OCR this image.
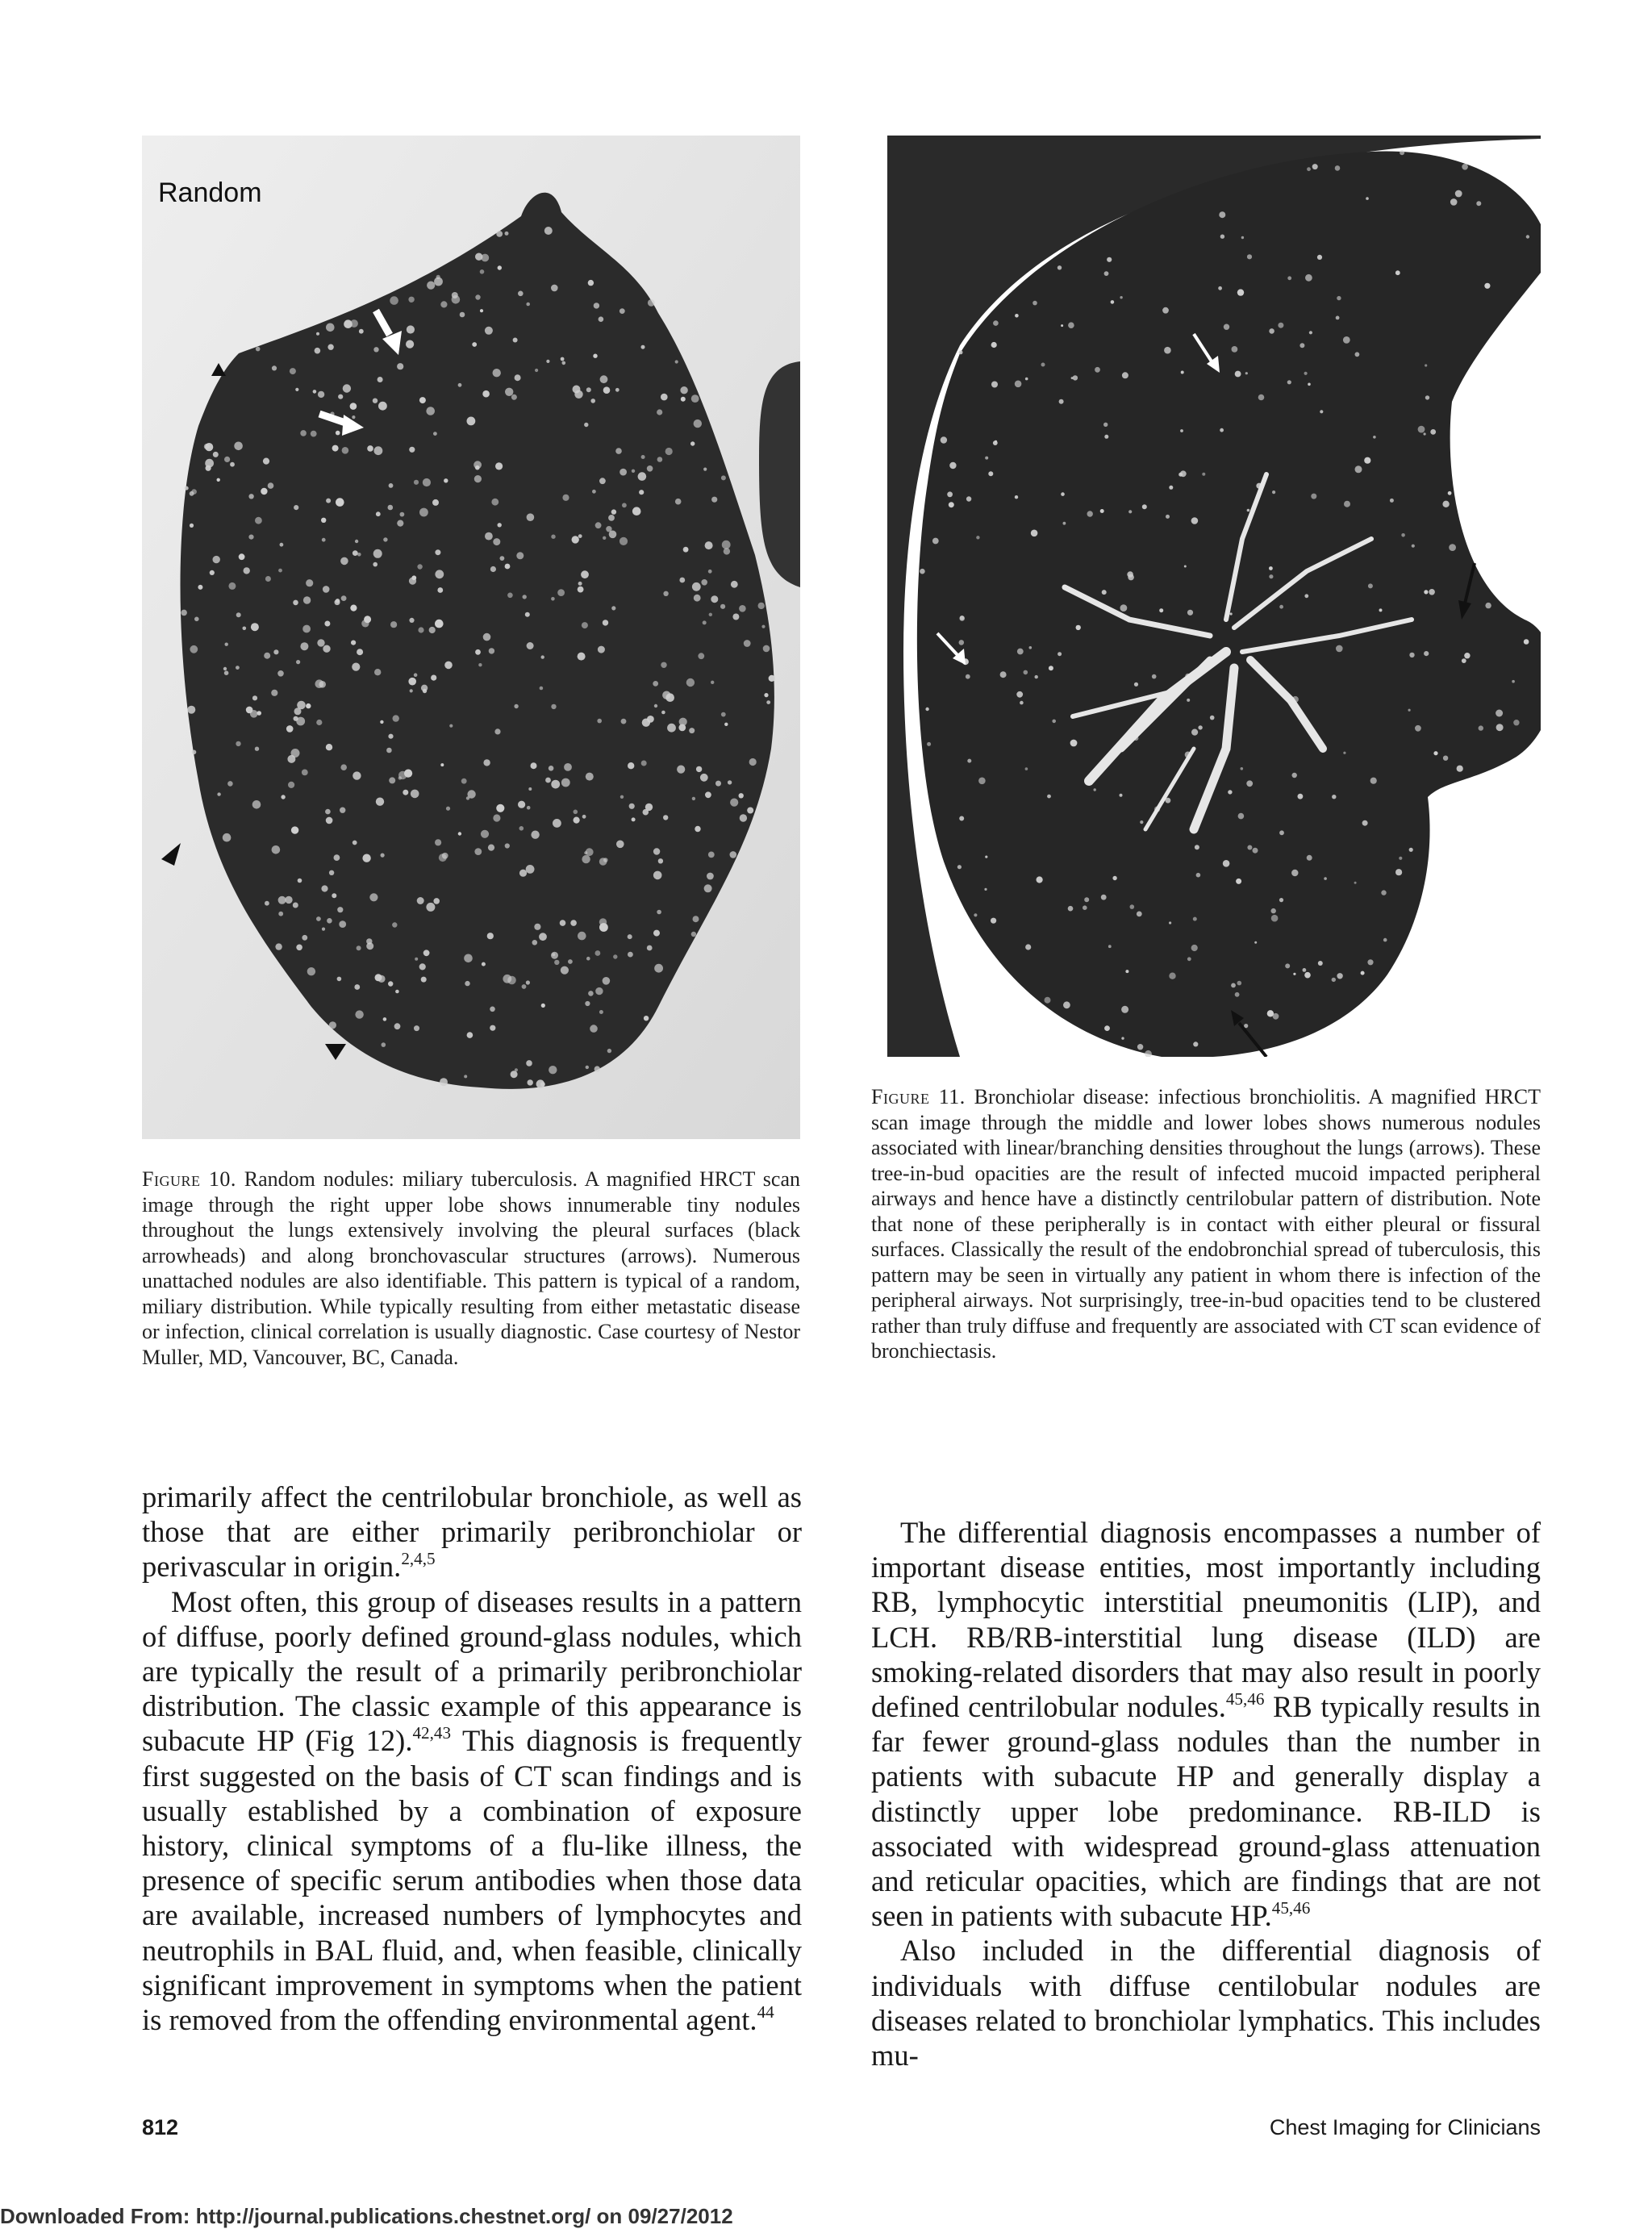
Random
Figure 10. Random nodules: miliary tuberculosis. A magnified HRCT scan image through the right upper lobe shows innumerable tiny nodules throughout the lungs extensively involving the pleural surfaces (black arrowheads) and along bronchovascular structures (arrows). Numerous unattached nodules are also identifiable. This pattern is typical of a random, miliary distribution. While typically resulting from either metastatic disease or infection, clinical correlation is usually diagnostic. Case courtesy of Nestor Muller, MD, Vancouver, BC, Canada.
Figure 11. Bronchiolar disease: infectious bronchiolitis. A magnified HRCT scan image through the middle and lower lobes shows numerous nodules associated with linear/branching densities throughout the lungs (arrows). These tree-in-bud opacities are the result of infected mucoid impacted peripheral airways and hence have a distinctly centrilobular pattern of distribution. Note that none of these peripherally is in contact with either pleural or fissural surfaces. Classically the result of the endobronchial spread of tuberculosis, this pattern may be seen in virtually any patient in whom there is infection of the peripheral airways. Not surprisingly, tree-in-bud opacities tend to be clustered rather than truly diffuse and frequently are associated with CT scan evidence of bronchiectasis.

primarily affect the centrilobular bronchiole, as well as those that are either primarily peribronchiolar or perivascular in origin.$^{2,4,5}$

Most often, this group of diseases results in a pattern of diffuse, poorly defined ground-glass nodules, which are typically the result of a primarily peribronchiolar distribution. The classic example of this appearance is subacute HP (Fig 12).$^{42,43}$ This diagnosis is frequently first suggested on the basis of CT scan findings and is usually established by a combination of exposure history, clinical symptoms of a flu-like illness, the presence of specific serum antibodies when those data are available, increased numbers of lymphocytes and neutrophils in BAL fluid, and, when feasible, clinically significant improvement in symptoms when the patient is removed from the offending environmental agent.$^{44}$

The differential diagnosis encompasses a number of important disease entities, most importantly including RB, lymphocytic interstitial pneumonitis (LIP), and LCH. RB/RB-interstitial lung disease (ILD) are smoking-related disorders that may also result in poorly defined centrilobular nodules.$^{45,46}$ RB typically results in far fewer ground-glass nodules than the number in patients with subacute HP and generally display a distinctly upper lobe predominance. RB-ILD is associated with widespread ground-glass attenuation and reticular opacities, which are findings that are not seen in patients with subacute HP.$^{45,46}$

Also included in the differential diagnosis of individuals with diffuse centilobular nodules are diseases related to bronchiolar lymphatics. This includes mu-

812	Chest Imaging for Clinicians
Downloaded From: http://journal.publications.chestnet.org/ on 09/27/2012
